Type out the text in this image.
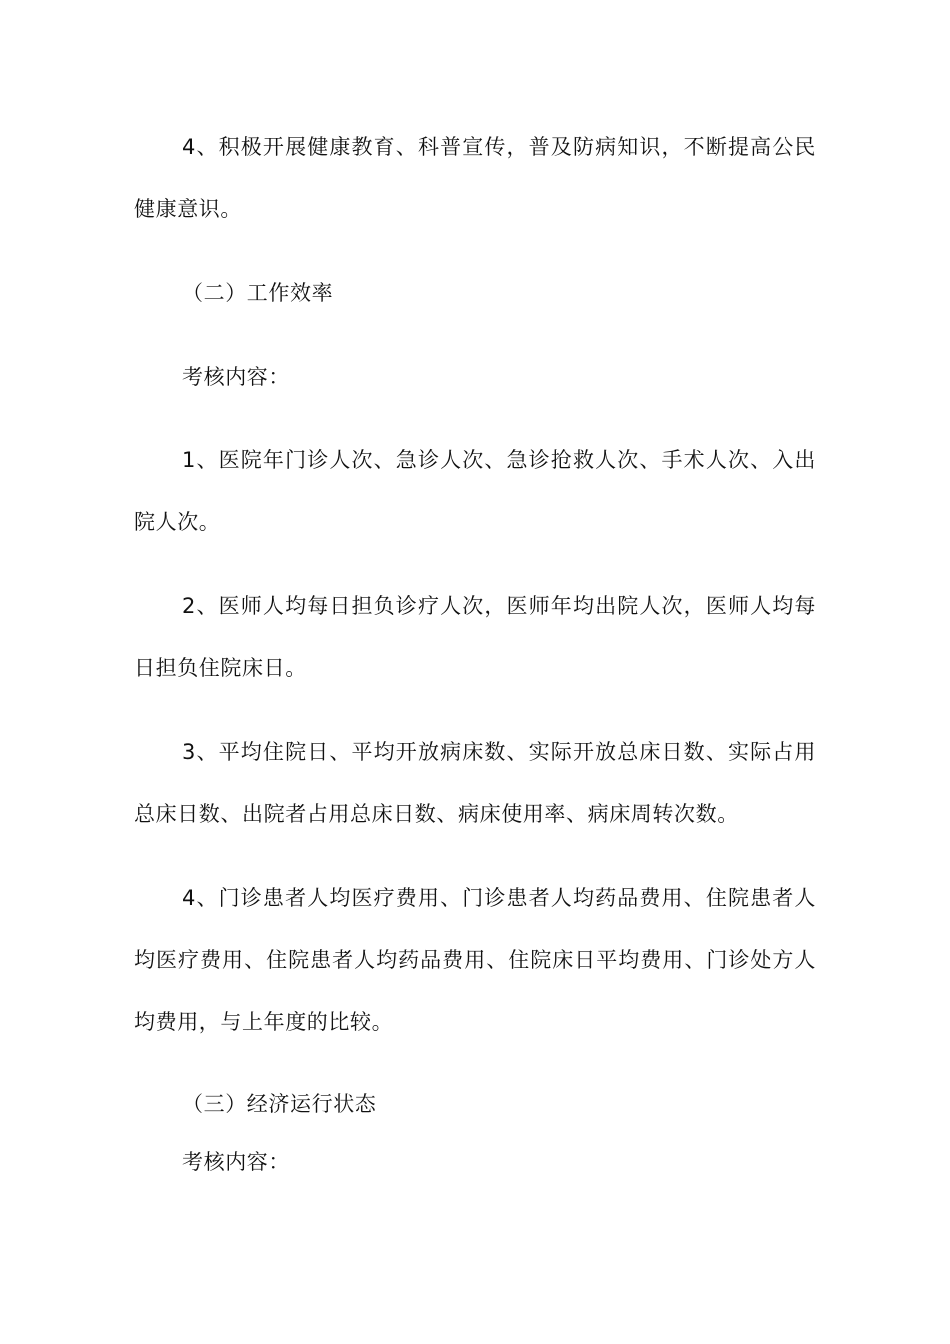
4、积极开展健康教育、科普宣传，普及防病知识，不断提高公民健康意识。

（二）工作效率

考核内容：

1、医院年门诊人次、急诊人次、急诊抢救人次、手术人次、入出院人次。

2、医师人均每日担负诊疗人次，医师年均出院人次，医师人均每日担负住院床日。

3、平均住院日、平均开放病床数、实际开放总床日数、实际占用总床日数、出院者占用总床日数、病床使用率、病床周转次数。

4、门诊患者人均医疗费用、门诊患者人均药品费用、住院患者人均医疗费用、住院患者人均药品费用、住院床日平均费用、门诊处方人均费用，与上年度的比较。

（三）经济运行状态

考核内容：
